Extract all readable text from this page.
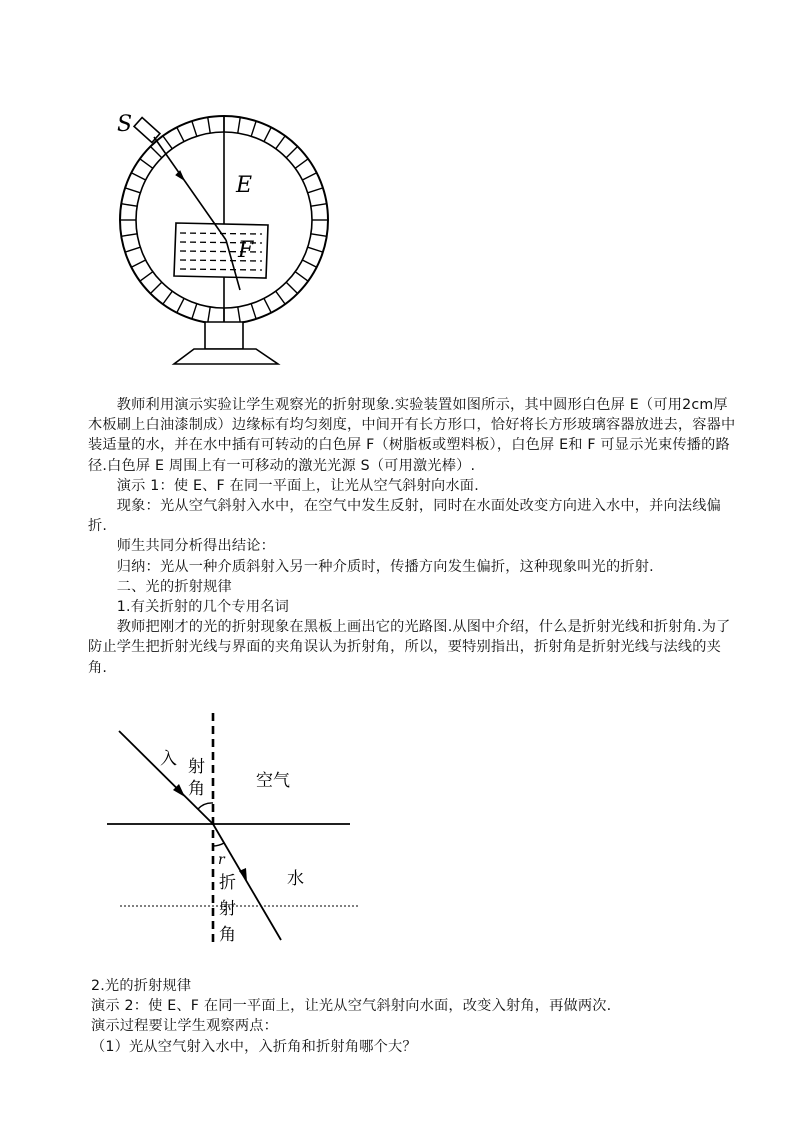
S
E
F

　　教师利用演示实验让学生观察光的折射现象.实验装置如图所示，其中圆形白色屏 E（可用2cm厚木板刷上白油漆制成）边缘标有均匀刻度，中间开有长方形口，恰好将长方形玻璃容器放进去，容器中装适量的水，并在水中插有可转动的白色屏 F（树脂板或塑料板），白色屏 E和 F 可显示光束传播的路径.白色屏 E 周围上有一可移动的激光光源 S（可用激光棒）.

　　演示 1：使 E、F 在同一平面上，让光从空气斜射向水面.

　　现象：光从空气斜射入水中，在空气中发生反射，同时在水面处改变方向进入水中，并向法线偏折.

　　师生共同分析得出结论：

　　归纳：光从一种介质斜射入另一种介质时，传播方向发生偏折，这种现象叫光的折射.

　　二、光的折射规律

　　1.有关折射的几个专用名词

　　教师把刚才的光的折射现象在黑板上画出它的光路图.从图中介绍，什么是折射光线和折射角.为了防止学生把折射光线与界面的夹角误认为折射角，所以，要特别指出，折射角是折射光线与法线的夹角.

入 射
角	空气
r
折
射
角
水

2.光的折射规律

演示 2：使 E、F 在同一平面上，让光从空气斜射向水面，改变入射角，再做两次.

演示过程要让学生观察两点：

（1）光从空气射入水中，入折角和折射角哪个大？
